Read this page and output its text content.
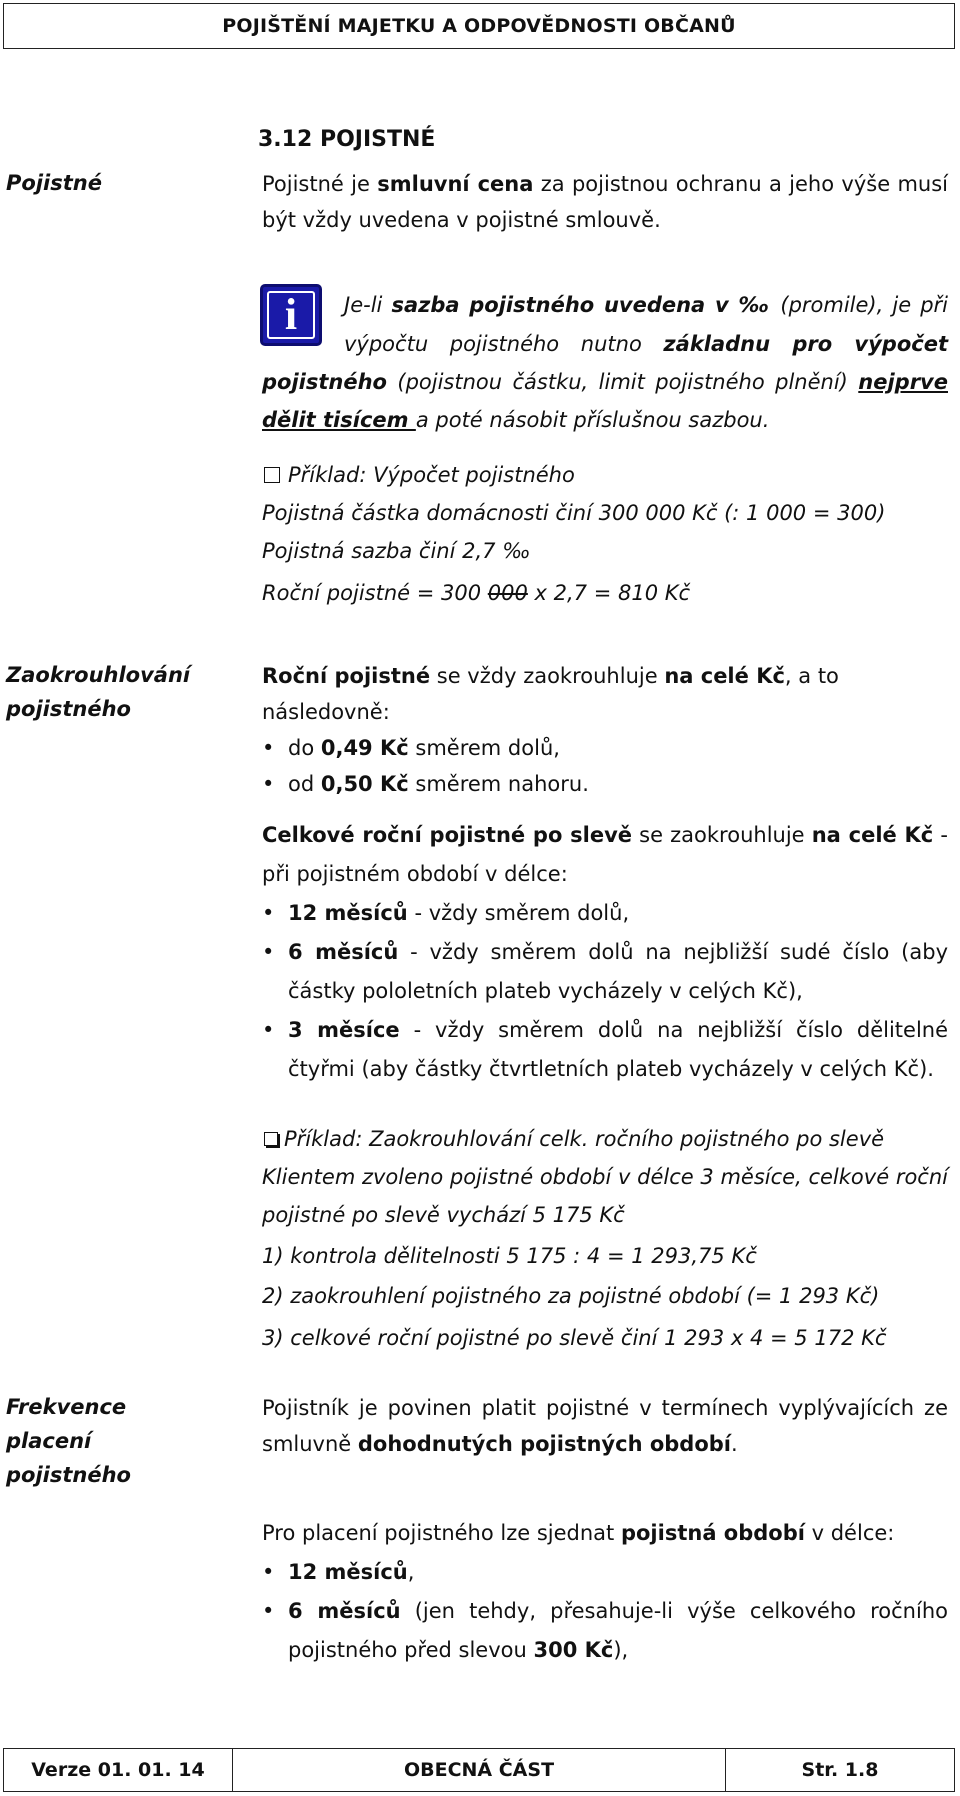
POJIŠTĚNÍ MAJETKU A ODPOVĚDNOSTI OBČANŮ
3.12 POJISTNÉ
Pojistné
Zaokrouhlování
pojistného
Frekvence
placení
pojistného

Pojistné je smluvní cena za pojistnou ochranu a jeho výše musí být vždy uvedena v pojistné smlouvě.

i	Je-li sazba pojistného uvedena v ‰ (promile), je při
výpočtu pojistného nutno základnu pro výpočet
pojistného (pojistnou částku, limit pojistného plnění) nejprve
dělit tisícem a poté násobit příslušnou sazbou.
Příklad: Výpočet pojistného
Pojistná částka domácnosti činí 300 000 Kč (: 1 000 = 300)
Pojistná sazba činí 2,7 ‰
Roční pojistné = 300 000 x 2,7 = 810 Kč

Roční pojistné se vždy zaokrouhluje na celé Kč, a to následovně:

• do 0,49 Kč směrem dolů,
• od 0,50 Kč směrem nahoru.

Celkové roční pojistné po slevě se zaokrouhluje na celé Kč - při pojistném období v délce:

• 12 měsíců - vždy směrem dolů,
• 6 měsíců - vždy směrem dolů na nejbližší sudé číslo (aby částky pololetních plateb vycházely v celých Kč),
• 3 měsíce - vždy směrem dolů na nejbližší číslo dělitelné čtyřmi (aby částky čtvrtletních plateb vycházely v celých Kč).
Příklad: Zaokrouhlování celk. ročního pojistného po slevě
Klientem zvoleno pojistné období v délce 3 měsíce, celkové roční pojistné po slevě vychází 5 175 Kč
1) kontrola dělitelnosti 5 175 : 4 = 1 293,75 Kč
2) zaokrouhlení pojistného za pojistné období (= 1 293 Kč)
3) celkové roční pojistné po slevě činí 1 293 x 4 = 5 172 Kč

Pojistník je povinen platit pojistné v termínech vyplývajících ze smluvně dohodnutých pojistných období.

Pro placení pojistného lze sjednat pojistná období v délce:

• 12 měsíců,
• 6 měsíců (jen tehdy, přesahuje-li výše celkového ročního pojistného před slevou 300 Kč),
Verze 01. 01. 14	OBECNÁ ČÁST	Str. 1.8
